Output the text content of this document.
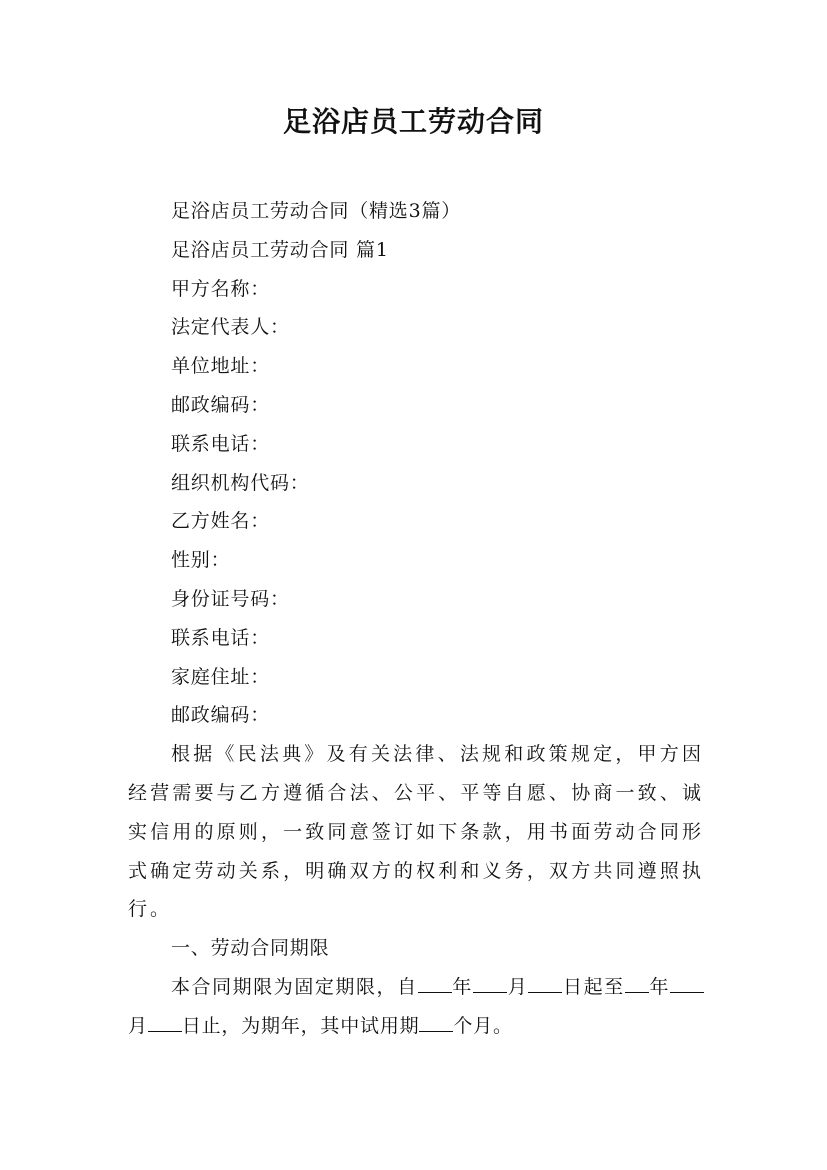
足浴店员工劳动合同

足浴店员工劳动合同（精选3篇）

足浴店员工劳动合同 篇1

甲方名称：

法定代表人：

单位地址：

邮政编码：

联系电话：

组织机构代码：

乙方姓名：

性别：

身份证号码：

联系电话：

家庭住址：

邮政编码：

根据《民法典》及有关法律、法规和政策规定，甲方因经营需要与乙方遵循合法、公平、平等自愿、协商一致、诚实信用的原则，一致同意签订如下条款，用书面劳动合同形式确定劳动关系，明确双方的权利和义务，双方共同遵照执行。

一、劳动合同期限

本合同期限为固定期限，自 年 月 日起至 年月 日止，为期年，其中试用期 个月。
